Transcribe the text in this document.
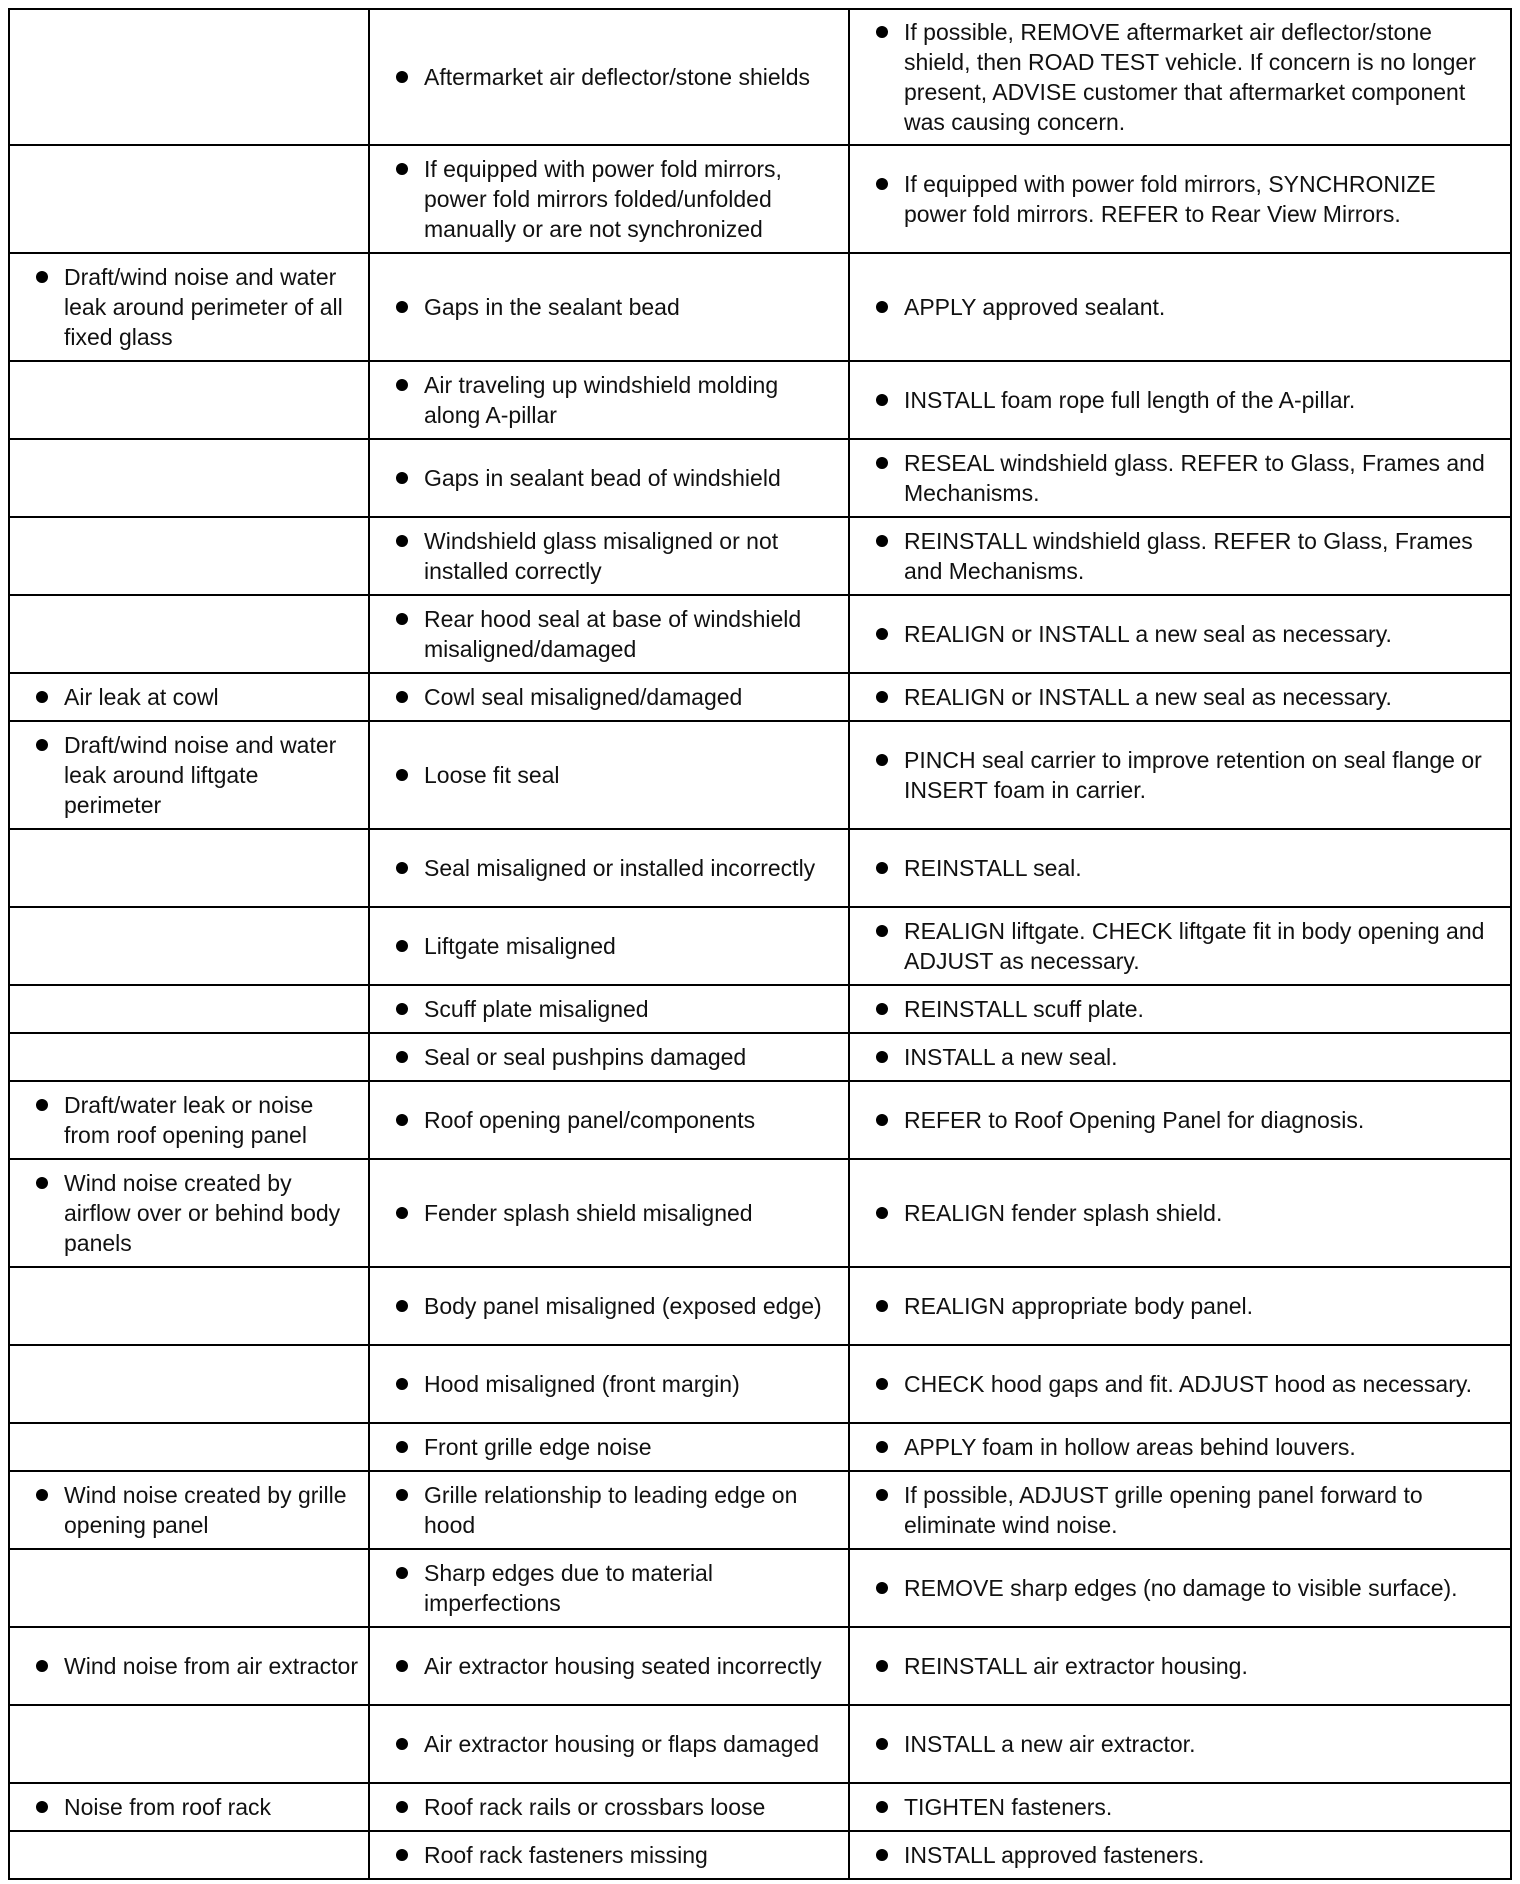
	Aftermarket air deflector/stone shields	If possible, REMOVE aftermarket air deflector/stone shield, then ROAD TEST vehicle. If concern is no longer present, ADVISE customer that aftermarket component was causing concern.

	If equipped with power fold mirrors, power fold mirrors folded/unfolded manually or are not synchronized	If equipped with power fold mirrors, SYNCHRONIZE power fold mirrors. REFER to Rear View Mirrors.

Draft/wind noise and water leak around perimeter of all fixed glass	Gaps in the sealant bead	APPLY approved sealant.

	Air traveling up windshield molding along A-pillar	INSTALL foam rope full length of the A-pillar.

	Gaps in sealant bead of windshield	RESEAL windshield glass. REFER to Glass, Frames and Mechanisms.

	Windshield glass misaligned or not installed correctly	REINSTALL windshield glass. REFER to Glass, Frames and Mechanisms.

	Rear hood seal at base of windshield misaligned/damaged	REALIGN or INSTALL a new seal as necessary.

Air leak at cowl	Cowl seal misaligned/damaged	REALIGN or INSTALL a new seal as necessary.

Draft/wind noise and water leak around liftgate perimeter	Loose fit seal	PINCH seal carrier to improve retention on seal flange or INSERT foam in carrier.

	Seal misaligned or installed incorrectly	REINSTALL seal.

	Liftgate misaligned	REALIGN liftgate. CHECK liftgate fit in body opening and ADJUST as necessary.

	Scuff plate misaligned	REINSTALL scuff plate.

	Seal or seal pushpins damaged	INSTALL a new seal.

Draft/water leak or noise from roof opening panel	Roof opening panel/components	REFER to Roof Opening Panel for diagnosis.

Wind noise created by airflow over or behind body panels	Fender splash shield misaligned	REALIGN fender splash shield.

	Body panel misaligned (exposed edge)	REALIGN appropriate body panel.

	Hood misaligned (front margin)	CHECK hood gaps and fit. ADJUST hood as necessary.

	Front grille edge noise	APPLY foam in hollow areas behind louvers.

Wind noise created by grille opening panel	Grille relationship to leading edge on hood	If possible, ADJUST grille opening panel forward to eliminate wind noise.

	Sharp edges due to material imperfections	REMOVE sharp edges (no damage to visible surface).

Wind noise from air extractor	Air extractor housing seated incorrectly	REINSTALL air extractor housing.

	Air extractor housing or flaps damaged	INSTALL a new air extractor.

Noise from roof rack	Roof rack rails or crossbars loose	TIGHTEN fasteners.

	Roof rack fasteners missing	INSTALL approved fasteners.
